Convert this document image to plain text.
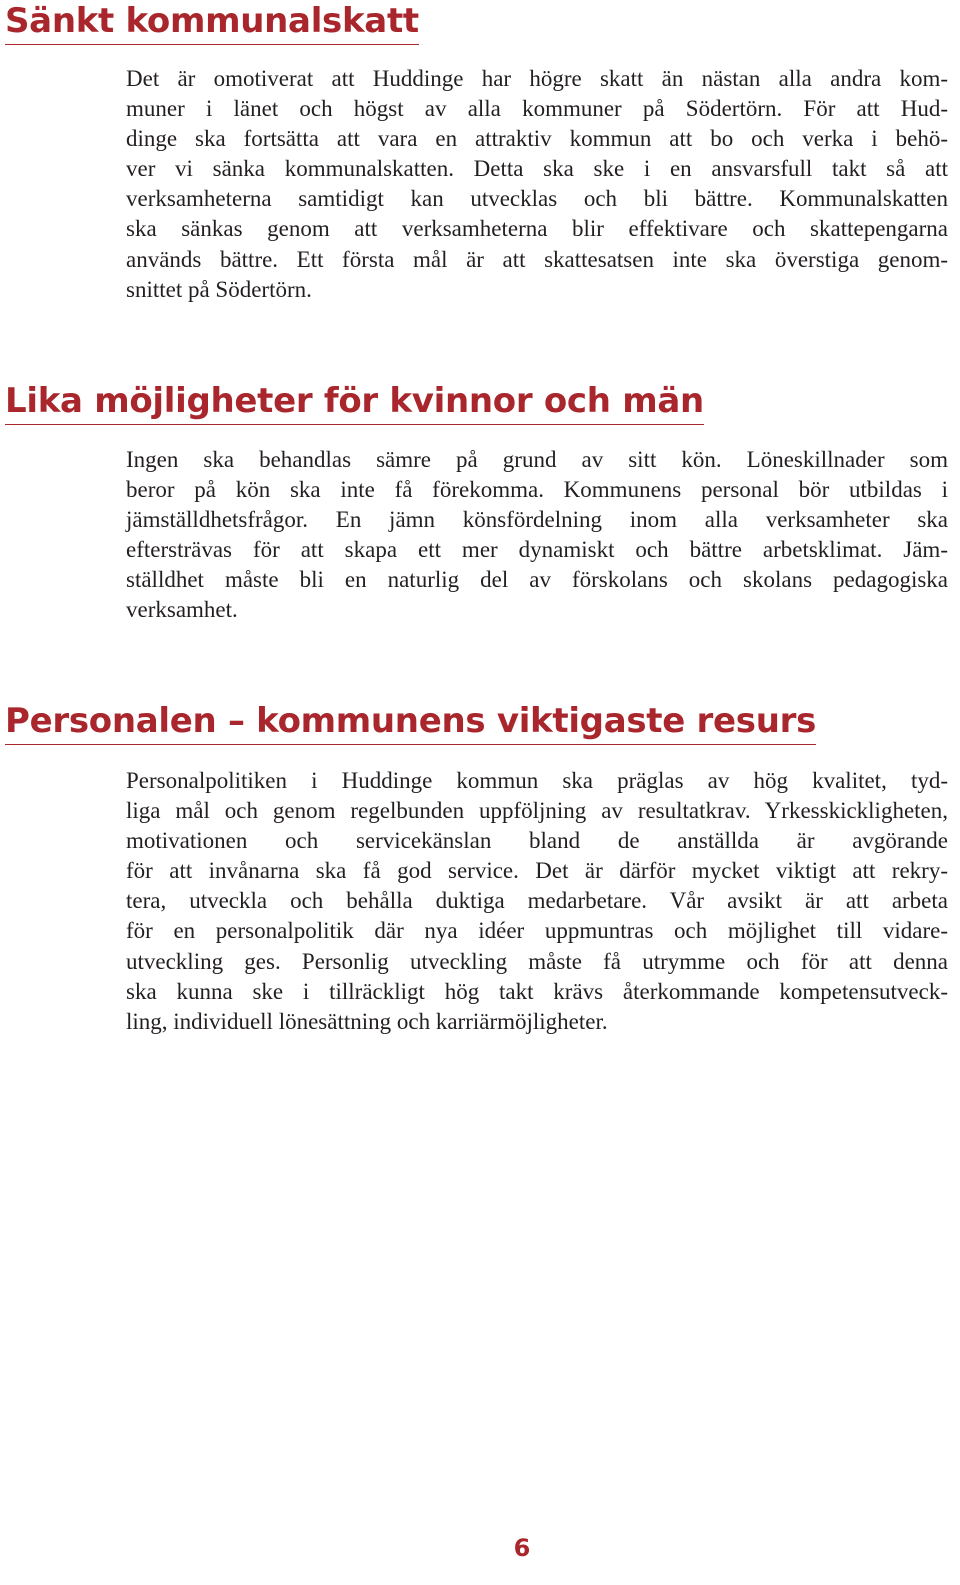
Sänkt kommunalskatt

Det är omotiverat att Huddinge har högre skatt än nästan alla andra kom-
muner i länet och högst av alla kommuner på Södertörn. För att Hud-
dinge ska fortsätta att vara en attraktiv kommun att bo och verka i behö-
ver vi sänka kommunalskatten. Detta ska ske i en ansvarsfull takt så att
verksamheterna samtidigt kan utvecklas och bli bättre. Kommunalskatten
ska sänkas genom att verksamheterna blir effektivare och skattepengarna
används bättre. Ett första mål är att skattesatsen inte ska överstiga genom-
snittet på Södertörn.

Lika möjligheter för kvinnor och män

Ingen ska behandlas sämre på grund av sitt kön. Löneskillnader som
beror på kön ska inte få förekomma. Kommunens personal bör utbildas i
jämställdhetsfrågor. En jämn könsfördelning inom alla verksamheter ska
eftersträvas för att skapa ett mer dynamiskt och bättre arbetsklimat. Jäm-
ställdhet måste bli en naturlig del av förskolans och skolans pedagogiska
verksamhet.

Personalen – kommunens viktigaste resurs

Personalpolitiken i Huddinge kommun ska präglas av hög kvalitet, tyd-
liga mål och genom regelbunden uppföljning av resultatkrav. Yrkesskickligheten,
motivationen och servicekänslan bland de anställda är avgörande
för att invånarna ska få god service. Det är därför mycket viktigt att rekry-
tera, utveckla och behålla duktiga medarbetare. Vår avsikt är att arbeta
för en personalpolitik där nya idéer uppmuntras och möjlighet till vidare-
utveckling ges. Personlig utveckling måste få utrymme och för att denna
ska kunna ske i tillräckligt hög takt krävs återkommande kompetensutveck-
ling, individuell lönesättning och karriärmöjligheter.

6
